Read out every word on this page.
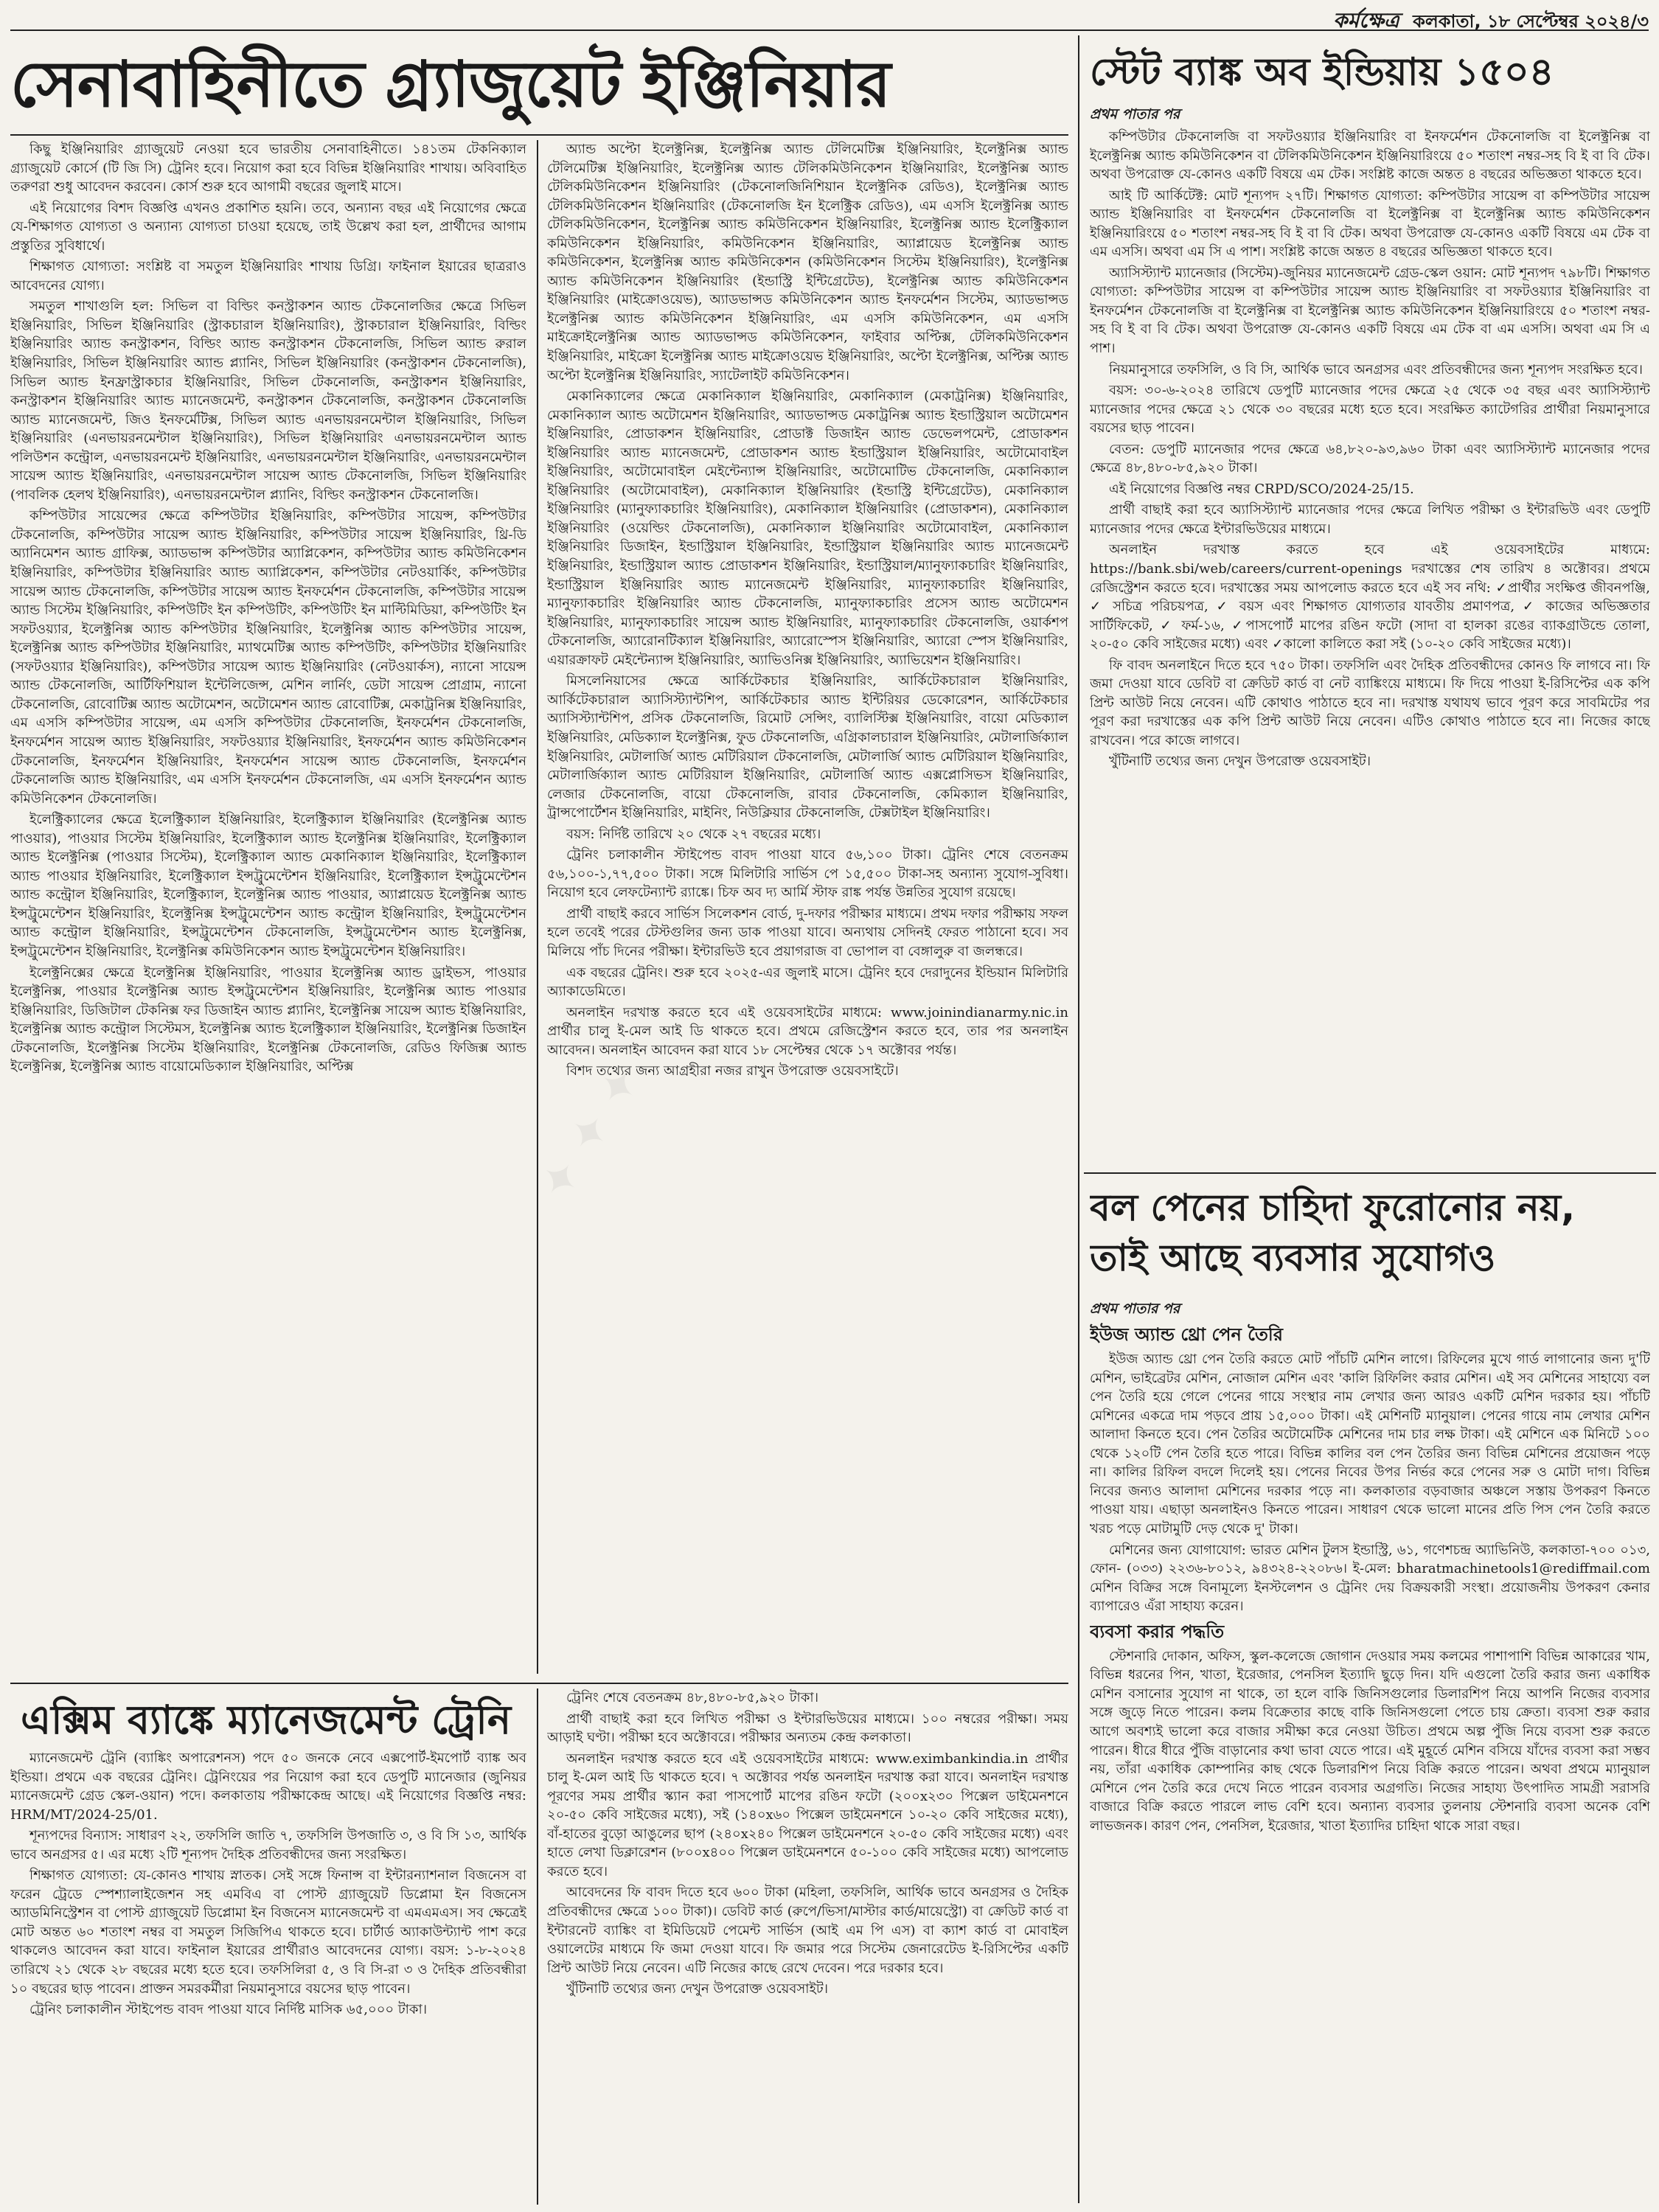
কর্মক্ষেত্র কলকাতা, ১৮ সেপ্টেম্বর ২০২৪/৩
সেনাবাহিনীতে গ্র্যাজুয়েট ইঞ্জিনিয়ার

কিছু ইঞ্জিনিয়ারিং গ্র্যাজুয়েট নেওয়া হবে ভারতীয় সেনাবাহিনীতে। ১৪১তম টেকনিক্যাল গ্র্যাজুয়েট কোর্সে (টি জি সি) ট্রেনিং হবে। নিয়োগ করা হবে বিভিন্ন ইঞ্জিনিয়ারিং শাখায়। অবিবাহিত তরুণরা শুধু আবেদন করবেন। কোর্স শুরু হবে আগামী বছরের জুলাই মাসে।

এই নিয়োগের বিশদ বিজ্ঞপ্তি এখনও প্রকাশিত হয়নি। তবে, অন্যান্য বছর এই নিয়োগের ক্ষেত্রে যে-শিক্ষাগত যোগ্যতা ও অন্যান্য যোগ্যতা চাওয়া হয়েছে, তাই উল্লেখ করা হল, প্রার্থীদের আগাম প্রস্তুতির সুবিধার্থে।

শিক্ষাগত যোগ্যতা: সংশ্লিষ্ট বা সমতুল ইঞ্জিনিয়ারিং শাখায় ডিগ্রি। ফাইনাল ইয়ারের ছাত্ররাও আবেদনের যোগ্য।

সমতুল শাখাগুলি হল: সিভিল বা বিল্ডিং কনস্ট্রাকশন অ্যান্ড টেকনোলজির ক্ষেত্রে সিভিল ইঞ্জিনিয়ারিং, সিভিল ইঞ্জিনিয়ারিং (স্ট্রাকচারাল ইঞ্জিনিয়ারিং), স্ট্রাকচারাল ইঞ্জিনিয়ারিং, বিল্ডিং ইঞ্জিনিয়ারিং অ্যান্ড কনস্ট্রাকশন, বিল্ডিং অ্যান্ড কনস্ট্রাকশন টেকনোলজি, সিভিল অ্যান্ড রুরাল ইঞ্জিনিয়ারিং, সিভিল ইঞ্জিনিয়ারিং অ্যান্ড প্ল্যানিং, সিভিল ইঞ্জিনিয়ারিং (কনস্ট্রাকশন টেকনোলজি), সিভিল অ্যান্ড ইনফ্রাস্ট্রাকচার ইঞ্জিনিয়ারিং, সিভিল টেকনোলজি, কনস্ট্রাকশন ইঞ্জিনিয়ারিং, কনস্ট্রাকশন ইঞ্জিনিয়ারিং অ্যান্ড ম্যানেজমেন্ট, কনস্ট্রাকশন টেকনোলজি, কনস্ট্রাকশন টেকনোলজি অ্যান্ড ম্যানেজমেন্ট, জিও ইনফর্মেটিক্স, সিভিল অ্যান্ড এনভায়রনমেন্টাল ইঞ্জিনিয়ারিং, সিভিল ইঞ্জিনিয়ারিং (এনভায়রনমেন্টাল ইঞ্জিনিয়ারিং), সিভিল ইঞ্জিনিয়ারিং এনভায়রনমেন্টাল অ্যান্ড পলিউশন কন্ট্রোল, এনভায়রনমেন্ট ইঞ্জিনিয়ারিং, এনভায়রনমেন্টাল ইঞ্জিনিয়ারিং, এনভায়রনমেন্টাল সায়েন্স অ্যান্ড ইঞ্জিনিয়ারিং, এনভায়রনমেন্টাল সায়েন্স অ্যান্ড টেকনোলজি, সিভিল ইঞ্জিনিয়ারিং (পাবলিক হেলথ ইঞ্জিনিয়ারিং), এনভায়রনমেন্টাল প্ল্যানিং, বিল্ডিং কনস্ট্রাকশন টেকনোলজি।

কম্পিউটার সায়েন্সের ক্ষেত্রে কম্পিউটার ইঞ্জিনিয়ারিং, কম্পিউটার সায়েন্স, কম্পিউটার টেকনোলজি, কম্পিউটার সায়েন্স অ্যান্ড ইঞ্জিনিয়ারিং, কম্পিউটার সায়েন্স ইঞ্জিনিয়ারিং, থ্রি-ডি অ্যানিমেশন অ্যান্ড গ্রাফিক্স, অ্যাডভান্স কম্পিউটার অ্যাপ্লিকেশন, কম্পিউটার অ্যান্ড কমিউনিকেশন ইঞ্জিনিয়ারিং, কম্পিউটার ইঞ্জিনিয়ারিং অ্যান্ড অ্যাপ্লিকেশন, কম্পিউটার নেটওয়ার্কিং, কম্পিউটার সায়েন্স অ্যান্ড টেকনোলজি, কম্পিউটার সায়েন্স অ্যান্ড ইনফর্মেশন টেকনোলজি, কম্পিউটার সায়েন্স অ্যান্ড সিস্টেম ইঞ্জিনিয়ারিং, কম্পিউটিং ইন কম্পিউটিং, কম্পিউটিং ইন মাল্টিমিডিয়া, কম্পিউটিং ইন সফটওয়্যার, ইলেক্ট্রনিক্স অ্যান্ড কম্পিউটার ইঞ্জিনিয়ারিং, ইলেক্ট্রনিক্স অ্যান্ড কম্পিউটার সায়েন্স, ইলেক্ট্রনিক্স অ্যান্ড কম্পিউটার ইঞ্জিনিয়ারিং, ম্যাথমেটিক্স অ্যান্ড কম্পিউটিং, কম্পিউটার ইঞ্জিনিয়ারিং (সফটওয়্যার ইঞ্জিনিয়ারিং), কম্পিউটার সায়েন্স অ্যান্ড ইঞ্জিনিয়ারিং (নেটওয়ার্কস), ন্যানো সায়েন্স অ্যান্ড টেকনোলজি, আর্টিফিশিয়াল ইন্টেলিজেন্স, মেশিন লার্নিং, ডেটা সায়েন্স প্রোগ্রাম, ন্যানো টেকনোলজি, রোবোটিক্স অ্যান্ড অটোমেশন, অটোমেশন অ্যান্ড রোবোটিক্স, মেকাট্রনিক্স ইঞ্জিনিয়ারিং, এম এসসি কম্পিউটার সায়েন্স, এম এসসি কম্পিউটার টেকনোলজি, ইনফর্মেশন টেকনোলজি, ইনফর্মেশন সায়েন্স অ্যান্ড ইঞ্জিনিয়ারিং, সফটওয়্যার ইঞ্জিনিয়ারিং, ইনফর্মেশন অ্যান্ড কমিউনিকেশন টেকনোলজি, ইনফর্মেশন ইঞ্জিনিয়ারিং, ইনফর্মেশন সায়েন্স অ্যান্ড টেকনোলজি, ইনফর্মেশন টেকনোলজি অ্যান্ড ইঞ্জিনিয়ারিং, এম এসসি ইনফর্মেশন টেকনোলজি, এম এসসি ইনফর্মেশন অ্যান্ড কমিউনিকেশন টেকনোলজি।

ইলেক্ট্রিক্যালের ক্ষেত্রে ইলেক্ট্রিক্যাল ইঞ্জিনিয়ারিং, ইলেক্ট্রিক্যাল ইঞ্জিনিয়ারিং (ইলেক্ট্রনিক্স অ্যান্ড পাওয়ার), পাওয়ার সিস্টেম ইঞ্জিনিয়ারিং, ইলেক্ট্রিক্যাল অ্যান্ড ইলেক্ট্রনিক্স ইঞ্জিনিয়ারিং, ইলেক্ট্রিক্যাল অ্যান্ড ইলেক্ট্রনিক্স (পাওয়ার সিস্টেম), ইলেক্ট্রিক্যাল অ্যান্ড মেকানিক্যাল ইঞ্জিনিয়ারিং, ইলেক্ট্রিক্যাল অ্যান্ড পাওয়ার ইঞ্জিনিয়ারিং, ইলেক্ট্রিক্যাল ইন্সট্রুমেন্টেশন ইঞ্জিনিয়ারিং, ইলেক্ট্রিক্যাল ইন্সট্রুমেন্টেশন অ্যান্ড কন্ট্রোল ইঞ্জিনিয়ারিং, ইলেক্ট্রিক্যাল, ইলেক্ট্রনিক্স অ্যান্ড পাওয়ার, অ্যাপ্লায়েড ইলেক্ট্রনিক্স অ্যান্ড ইন্সট্রুমেন্টেশন ইঞ্জিনিয়ারিং, ইলেক্ট্রনিক্স ইন্সট্রুমেন্টেশন অ্যান্ড কন্ট্রোল ইঞ্জিনিয়ারিং, ইন্সট্রুমেন্টেশন অ্যান্ড কন্ট্রোল ইঞ্জিনিয়ারিং, ইন্সট্রুমেন্টেশন টেকনোলজি, ইন্সট্রুমেন্টেশন অ্যান্ড ইলেক্ট্রনিক্স, ইন্সট্রুমেন্টেশন ইঞ্জিনিয়ারিং, ইলেক্ট্রনিক্স কমিউনিকেশন অ্যান্ড ইন্সট্রুমেন্টেশন ইঞ্জিনিয়ারিং।

ইলেক্ট্রনিক্সের ক্ষেত্রে ইলেক্ট্রনিক্স ইঞ্জিনিয়ারিং, পাওয়ার ইলেক্ট্রনিক্স অ্যান্ড ড্রাইভস, পাওয়ার ইলেক্ট্রনিক্স, পাওয়ার ইলেক্ট্রনিক্স অ্যান্ড ইন্সট্রুমেন্টেশন ইঞ্জিনিয়ারিং, ইলেক্ট্রনিক্স অ্যান্ড পাওয়ার ইঞ্জিনিয়ারিং, ডিজিটাল টেকনিক্স ফর ডিজাইন অ্যান্ড প্ল্যানিং, ইলেক্ট্রনিক্স সায়েন্স অ্যান্ড ইঞ্জিনিয়ারিং, ইলেক্ট্রনিক্স অ্যান্ড কন্ট্রোল সিস্টেমস, ইলেক্ট্রনিক্স অ্যান্ড ইলেক্ট্রিক্যাল ইঞ্জিনিয়ারিং, ইলেক্ট্রনিক্স ডিজাইন টেকনোলজি, ইলেক্ট্রনিক্স সিস্টেম ইঞ্জিনিয়ারিং, ইলেক্ট্রনিক্স টেকনোলজি, রেডিও ফিজিক্স অ্যান্ড ইলেক্ট্রনিক্স, ইলেক্ট্রনিক্স অ্যান্ড বায়োমেডিক্যাল ইঞ্জিনিয়ারিং, অপ্টিক্স

অ্যান্ড অপ্টো ইলেক্ট্রনিক্স, ইলেক্ট্রনিক্স অ্যান্ড টেলিমেটিক্স ইঞ্জিনিয়ারিং, ইলেক্ট্রনিক্স অ্যান্ড টেলিমেটিক্স ইঞ্জিনিয়ারিং, ইলেক্ট্রনিক্স অ্যান্ড টেলিকমিউনিকেশন ইঞ্জিনিয়ারিং, ইলেক্ট্রনিক্স অ্যান্ড টেলিকমিউনিকেশন ইঞ্জিনিয়ারিং (টেকনোলজিনিশিয়ান ইলেক্ট্রনিক রেডিও), ইলেক্ট্রনিক্স অ্যান্ড টেলিকমিউনিকেশন ইঞ্জিনিয়ারিং (টেকনোলজি ইন ইলেক্ট্রিক রেডিও), এম এসসি ইলেক্ট্রনিক্স অ্যান্ড টেলিকমিউনিকেশন, ইলেক্ট্রনিক্স অ্যান্ড কমিউনিকেশন ইঞ্জিনিয়ারিং, ইলেক্ট্রনিক্স অ্যান্ড ইলেক্ট্রিক্যাল কমিউনিকেশন ইঞ্জিনিয়ারিং, কমিউনিকেশন ইঞ্জিনিয়ারিং, অ্যাপ্লায়েড ইলেক্ট্রনিক্স অ্যান্ড কমিউনিকেশন, ইলেক্ট্রনিক্স অ্যান্ড কমিউনিকেশন (কমিউনিকেশন সিস্টেম ইঞ্জিনিয়ারিং), ইলেক্ট্রনিক্স অ্যান্ড কমিউনিকেশন ইঞ্জিনিয়ারিং (ইন্ডাস্ট্রি ইন্টিগ্রেটেড), ইলেক্ট্রনিক্স অ্যান্ড কমিউনিকেশন ইঞ্জিনিয়ারিং (মাইক্রোওয়েভ), অ্যাডভান্সড কমিউনিকেশন অ্যান্ড ইনফর্মেশন সিস্টেম, অ্যাডভান্সড ইলেক্ট্রনিক্স অ্যান্ড কমিউনিকেশন ইঞ্জিনিয়ারিং, এম এসসি কমিউনিকেশন, এম এসসি মাইক্রোইলেক্ট্রনিক্স অ্যান্ড অ্যাডভান্সড কমিউনিকেশন, ফাইবার অপ্টিক্স, টেলিকমিউনিকেশন ইঞ্জিনিয়ারিং, মাইক্রো ইলেক্ট্রনিক্স অ্যান্ড মাইক্রোওয়েভ ইঞ্জিনিয়ারিং, অপ্টো ইলেক্ট্রনিক্স, অপ্টিক্স অ্যান্ড অপ্টো ইলেক্ট্রনিক্স ইঞ্জিনিয়ারিং, স্যাটেলাইট কমিউনিকেশন।

মেকানিক্যালের ক্ষেত্রে মেকানিক্যাল ইঞ্জিনিয়ারিং, মেকানিক্যাল (মেকাট্রনিক্স) ইঞ্জিনিয়ারিং, মেকানিক্যাল অ্যান্ড অটোমেশন ইঞ্জিনিয়ারিং, অ্যাডভান্সড মেকাট্রনিক্স অ্যান্ড ইন্ডাস্ট্রিয়াল অটোমেশন ইঞ্জিনিয়ারিং, প্রোডাকশন ইঞ্জিনিয়ারিং, প্রোডাক্ট ডিজাইন অ্যান্ড ডেভেলপমেন্ট, প্রোডাকশন ইঞ্জিনিয়ারিং অ্যান্ড ম্যানেজমেন্ট, প্রোডাকশন অ্যান্ড ইন্ডাস্ট্রিয়াল ইঞ্জিনিয়ারিং, অটোমোবাইল ইঞ্জিনিয়ারিং, অটোমোবাইল মেইন্টেন্যান্স ইঞ্জিনিয়ারিং, অটোমোটিভ টেকনোলজি, মেকানিক্যাল ইঞ্জিনিয়ারিং (অটোমোবাইল), মেকানিক্যাল ইঞ্জিনিয়ারিং (ইন্ডাস্ট্রি ইন্টিগ্রেটেড), মেকানিক্যাল ইঞ্জিনিয়ারিং (ম্যানুফ্যাকচারিং ইঞ্জিনিয়ারিং), মেকানিক্যাল ইঞ্জিনিয়ারিং (প্রোডাকশন), মেকানিক্যাল ইঞ্জিনিয়ারিং (ওয়েল্ডিং টেকনোলজি), মেকানিক্যাল ইঞ্জিনিয়ারিং অটোমোবাইল, মেকানিক্যাল ইঞ্জিনিয়ারিং ডিজাইন, ইন্ডাস্ট্রিয়াল ইঞ্জিনিয়ারিং, ইন্ডাস্ট্রিয়াল ইঞ্জিনিয়ারিং অ্যান্ড ম্যানেজমেন্ট ইঞ্জিনিয়ারিং, ইন্ডাস্ট্রিয়াল অ্যান্ড প্রোডাকশন ইঞ্জিনিয়ারিং, ইন্ডাস্ট্রিয়াল/ম্যানুফ্যাকচারিং ইঞ্জিনিয়ারিং, ইন্ডাস্ট্রিয়াল ইঞ্জিনিয়ারিং অ্যান্ড ম্যানেজমেন্ট ইঞ্জিনিয়ারিং, ম্যানুফ্যাকচারিং ইঞ্জিনিয়ারিং, ম্যানুফ্যাকচারিং ইঞ্জিনিয়ারিং অ্যান্ড টেকনোলজি, ম্যানুফ্যাকচারিং প্রসেস অ্যান্ড অটোমেশন ইঞ্জিনিয়ারিং, ম্যানুফ্যাকচারিং সায়েন্স অ্যান্ড ইঞ্জিনিয়ারিং, ম্যানুফ্যাকচারিং টেকনোলজি, ওয়ার্কশপ টেকনোলজি, অ্যারোনটিক্যাল ইঞ্জিনিয়ারিং, অ্যারোস্পেস ইঞ্জিনিয়ারিং, অ্যারো স্পেস ইঞ্জিনিয়ারিং, এয়ারক্রাফট মেইন্টেন্যান্স ইঞ্জিনিয়ারিং, অ্যাভিওনিক্স ইঞ্জিনিয়ারিং, অ্যাভিয়েশন ইঞ্জিনিয়ারিং।

মিসলেনিয়াসের ক্ষেত্রে আর্কিটেকচার ইঞ্জিনিয়ারিং, আর্কিটেকচারাল ইঞ্জিনিয়ারিং, আর্কিটেকচারাল অ্যাসিস্ট্যান্টশিপ, আর্কিটেকচার অ্যান্ড ইন্টিরিয়র ডেকোরেশন, আর্কিটেকচার অ্যাসিস্ট্যান্টশিপ, প্রসিক টেকনোলজি, রিমোট সেন্সিং, ব্যালিস্টিক্স ইঞ্জিনিয়ারিং, বায়ো মেডিক্যাল ইঞ্জিনিয়ারিং, মেডিক্যাল ইলেক্ট্রনিক্স, ফুড টেকনোলজি, এগ্রিকালচারাল ইঞ্জিনিয়ারিং, মেটালার্জিক্যাল ইঞ্জিনিয়ারিং, মেটালার্জি অ্যান্ড মেটিরিয়াল টেকনোলজি, মেটালার্জি অ্যান্ড মেটিরিয়াল ইঞ্জিনিয়ারিং, মেটালার্জিক্যাল অ্যান্ড মেটিরিয়াল ইঞ্জিনিয়ারিং, মেটালার্জি অ্যান্ড এক্সপ্লোসিভস ইঞ্জিনিয়ারিং, লেজার টেকনোলজি, বায়ো টেকনোলজি, রাবার টেকনোলজি, কেমিক্যাল ইঞ্জিনিয়ারিং, ট্রান্সপোর্টেশন ইঞ্জিনিয়ারিং, মাইনিং, নিউক্লিয়ার টেকনোলজি, টেক্সটাইল ইঞ্জিনিয়ারিং।

বয়স: নির্দিষ্ট তারিখে ২০ থেকে ২৭ বছরের মধ্যে।

ট্রেনিং চলাকালীন স্টাইপেন্ড বাবদ পাওয়া যাবে ৫৬,১০০ টাকা। ট্রেনিং শেষে বেতনক্রম ৫৬,১০০-১,৭৭,৫০০ টাকা। সঙ্গে মিলিটারি সার্ভিস পে ১৫,৫০০ টাকা-সহ অন্যান্য সুযোগ-সুবিধা। নিয়োগ হবে লেফটেন্যান্ট র‍্যাঙ্কে। চিফ অব দ্য আর্মি স্টাফ রাঙ্ক পর্যন্ত উন্নতির সুযোগ রয়েছে।

প্রার্থী বাছাই করবে সার্ভিস সিলেকশন বোর্ড, দু-দফার পরীক্ষার মাধ্যমে। প্রথম দফার পরীক্ষায় সফল হলে তবেই পরের টেস্টগুলির জন্য ডাক পাওয়া যাবে। অন্যথায় সেদিনই ফেরত পাঠানো হবে। সব মিলিয়ে পাঁচ দিনের পরীক্ষা। ইন্টারভিউ হবে প্রয়াগরাজ বা ভোপাল বা বেঙ্গালুরু বা জলন্ধরে।

এক বছরের ট্রেনিং। শুরু হবে ২০২৫-এর জুলাই মাসে। ট্রেনিং হবে দেরাদুনের ইন্ডিয়ান মিলিটারি অ্যাকাডেমিতে।

অনলাইন দরখাস্ত করতে হবে এই ওয়েবসাইটের মাধ্যমে: www.joinindianarmy.nic.in প্রার্থীর চালু ই-মেল আই ডি থাকতে হবে। প্রথমে রেজিস্ট্রেশন করতে হবে, তার পর অনলাইন আবেদন। অনলাইন আবেদন করা যাবে ১৮ সেপ্টেম্বর থেকে ১৭ অক্টোবর পর্যন্ত।

বিশদ তথ্যের জন্য আগ্রহীরা নজর রাখুন উপরোক্ত ওয়েবসাইটে।

স্টেট ব্যাঙ্ক অব ইন্ডিয়ায় ১৫০৪
প্রথম পাতার পর

কম্পিউটার টেকনোলজি বা সফটওয়্যার ইঞ্জিনিয়ারিং বা ইনফর্মেশন টেকনোলজি বা ইলেক্ট্রনিক্স বা ইলেক্ট্রনিক্স অ্যান্ড কমিউনিকেশন বা টেলিকমিউনিকেশন ইঞ্জিনিয়ারিংয়ে ৫০ শতাংশ নম্বর-সহ বি ই বা বি টেক। অথবা উপরোক্ত যে-কোনও একটি বিষয়ে এম টেক। সংশ্লিষ্ট কাজে অন্তত ৪ বছরের অভিজ্ঞতা থাকতে হবে।

আই টি আর্কিটেক্ট: মোট শূন্যপদ ২৭টি। শিক্ষাগত যোগ্যতা: কম্পিউটার সায়েন্স বা কম্পিউটার সায়েন্স অ্যান্ড ইঞ্জিনিয়ারিং বা ইনফর্মেশন টেকনোলজি বা ইলেক্ট্রনিক্স বা ইলেক্ট্রনিক্স অ্যান্ড কমিউনিকেশন ইঞ্জিনিয়ারিংয়ে ৫০ শতাংশ নম্বর-সহ বি ই বা বি টেক। অথবা উপরোক্ত যে-কোনও একটি বিষয়ে এম টেক বা এম এসসি। অথবা এম সি এ পাশ। সংশ্লিষ্ট কাজে অন্তত ৪ বছরের অভিজ্ঞতা থাকতে হবে।

অ্যাসিস্ট্যান্ট ম্যানেজার (সিস্টেম)-জুনিয়র ম্যানেজমেন্ট গ্রেড-স্কেল ওয়ান: মোট শূন্যপদ ৭৯৮টি। শিক্ষাগত যোগ্যতা: কম্পিউটার সায়েন্স বা কম্পিউটার সায়েন্স অ্যান্ড ইঞ্জিনিয়ারিং বা সফটওয়্যার ইঞ্জিনিয়ারিং বা ইনফর্মেশন টেকনোলজি বা ইলেক্ট্রনিক্স বা ইলেক্ট্রনিক্স অ্যান্ড কমিউনিকেশন ইঞ্জিনিয়ারিংয়ে ৫০ শতাংশ নম্বর-সহ বি ই বা বি টেক। অথবা উপরোক্ত যে-কোনও একটি বিষয়ে এম টেক বা এম এসসি। অথবা এম সি এ পাশ।

নিয়মানুসারে তফসিলি, ও বি সি, আর্থিক ভাবে অনগ্রসর এবং প্রতিবন্ধীদের জন্য শূন্যপদ সংরক্ষিত হবে।

বয়স: ৩০-৬-২০২৪ তারিখে ডেপুটি ম্যানেজার পদের ক্ষেত্রে ২৫ থেকে ৩৫ বছর এবং অ্যাসিস্ট্যান্ট ম্যানেজার পদের ক্ষেত্রে ২১ থেকে ৩০ বছরের মধ্যে হতে হবে। সংরক্ষিত ক্যাটেগরির প্রার্থীরা নিয়মানুসারে বয়সের ছাড় পাবেন।

বেতন: ডেপুটি ম্যানেজার পদের ক্ষেত্রে ৬৪,৮২০-৯৩,৯৬০ টাকা এবং অ্যাসিস্ট্যান্ট ম্যানেজার পদের ক্ষেত্রে ৪৮,৪৮০-৮৫,৯২০ টাকা।

এই নিয়োগের বিজ্ঞপ্তি নম্বর CRPD/SCO/2024-25/15.

প্রার্থী বাছাই করা হবে অ্যাসিস্ট্যান্ট ম্যানেজার পদের ক্ষেত্রে লিখিত পরীক্ষা ও ইন্টারভিউ এবং ডেপুটি ম্যানেজার পদের ক্ষেত্রে ইন্টারভিউয়ের মাধ্যমে।

অনলাইন দরখাস্ত করতে হবে এই ওয়েবসাইটের মাধ্যমে: https://bank.sbi/web/careers/current-openings দরখাস্তের শেষ তারিখ ৪ অক্টোবর। প্রথমে রেজিস্ট্রেশন করতে হবে। দরখাস্তের সময় আপলোড করতে হবে এই সব নথি: ✓প্রার্থীর সংক্ষিপ্ত জীবনপঞ্জি, ✓ সচিত্র পরিচয়পত্র, ✓ বয়স এবং শিক্ষাগত যোগ্যতার যাবতীয় প্রমাণপত্র, ✓ কাজের অভিজ্ঞতার সার্টিফিকেট, ✓ ফর্ম-১৬, ✓পাসপোর্ট মাপের রঙিন ফটো (সাদা বা হালকা রঙের ব্যাকগ্রাউন্ডে তোলা, ২০-৫০ কেবি সাইজের মধ্যে) এবং ✓কালো কালিতে করা সই (১০-২০ কেবি সাইজের মধ্যে)।

ফি বাবদ অনলাইনে দিতে হবে ৭৫০ টাকা। তফসিলি এবং দৈহিক প্রতিবন্ধীদের কোনও ফি লাগবে না। ফি জমা দেওয়া যাবে ডেবিট বা ক্রেডিট কার্ড বা নেট ব্যাঙ্কিংয়ে মাধ্যমে। ফি দিয়ে পাওয়া ই-রিসিপ্টের এক কপি প্রিন্ট আউট নিয়ে নেবেন। এটি কোথাও পাঠাতে হবে না। দরখাস্ত যথাযথ ভাবে পূরণ করে সাবমিটের পর পূরণ করা দরখাস্তের এক কপি প্রিন্ট আউট নিয়ে নেবেন। এটিও কোথাও পাঠাতে হবে না। নিজের কাছে রাখবেন। পরে কাজে লাগবে।

খুঁটিনাটি তথ্যের জন্য দেখুন উপরোক্ত ওয়েবসাইট।

বল পেনের চাহিদা ফুরোনোর নয়,
তাই আছে ব্যবসার সুযোগও
প্রথম পাতার পর
ইউজ অ্যান্ড থ্রো পেন তৈরি

ইউজ অ্যান্ড থ্রো পেন তৈরি করতে মোট পাঁচটি মেশিন লাগে। রিফিলের মুখে গার্ড লাগানোর জন্য দু'টি মেশিন, ভাইব্রেটর মেশিন, নোজাল মেশিন এবং 'কালি রিফিলিং করার মেশিন। এই সব মেশিনের সাহায্যে বল পেন তৈরি হয়ে গেলে পেনের গায়ে সংস্থার নাম লেখার জন্য আরও একটি মেশিন দরকার হয়। পাঁচটি মেশিনের একত্রে দাম পড়বে প্রায় ১৫,০০০ টাকা। এই মেশিনটি ম্যানুয়াল। পেনের গায়ে নাম লেখার মেশিন আলাদা কিনতে হবে। পেন তৈরির অটোমেটিক মেশিনের দাম চার লক্ষ টাকা। এই মেশিনে এক মিনিটে ১০০ থেকে ১২০টি পেন তৈরি হতে পারে। বিভিন্ন কালির বল পেন তৈরির জন্য বিভিন্ন মেশিনের প্রয়োজন পড়ে না। কালির রিফিল বদলে দিলেই হয়। পেনের নিবের উপর নির্ভর করে পেনের সরু ও মোটা দাগ। বিভিন্ন নিবের জন্যও আলাদা মেশিনের দরকার পড়ে না। কলকাতার বড়বাজার অঞ্চলে সস্তায় উপকরণ কিনতে পাওয়া যায়। এছাড়া অনলাইনও কিনতে পারেন। সাধারণ থেকে ভালো মানের প্রতি পিস পেন তৈরি করতে খরচ পড়ে মোটামুটি দেড় থেকে দু' টাকা।

মেশিনের জন্য যোগাযোগ: ভারত মেশিন টুলস ইন্ডাস্ট্রি, ৬১, গণেশচন্দ্র অ্যাভিনিউ, কলকাতা-৭০০ ০১৩, ফোন- (০৩৩) ২২৩৬-৮০১২, ৯৪৩২৪-২২০৮৬। ই-মেল: bharatmachinetools1@rediffmail.com মেশিন বিক্রির সঙ্গে বিনামূল্যে ইনস্টলেশন ও ট্রেনিং দেয় বিক্রয়কারী সংস্থা। প্রয়োজনীয় উপকরণ কেনার ব্যাপারেও এঁরা সাহায্য করেন।

ব্যবসা করার পদ্ধতি

স্টেশনারি দোকান, অফিস, স্কুল-কলেজে জোগান দেওয়ার সময় কলমের পাশাপাশি বিভিন্ন আকারের খাম, বিভিন্ন ধরনের পিন, খাতা, ইরেজার, পেনসিল ইত্যাদি ছুড়ে দিন। যদি এগুলো তৈরি করার জন্য একাধিক মেশিন বসানোর সুযোগ না থাকে, তা হলে বাকি জিনিসগুলোর ডিলারশিপ নিয়ে আপনি নিজের ব্যবসার সঙ্গে জুড়ে নিতে পারেন। কলম বিক্রেতার কাছে বাকি জিনিসগুলো পেতে চায় ক্রেতা। ব্যবসা শুরু করার আগে অবশ্যই ভালো করে বাজার সমীক্ষা করে নেওয়া উচিত। প্রথমে অল্প পুঁজি নিয়ে ব্যবসা শুরু করতে পারেন। ধীরে ধীরে পুঁজি বাড়ানোর কথা ভাবা যেতে পারে। এই মুহূর্তে মেশিন বসিয়ে যাঁদের ব্যবসা করা সম্ভব নয়, তাঁরা একাধিক কোম্পানির কাছ থেকে ডিলারশিপ নিয়ে বিক্রি করতে পারেন। অথবা প্রথমে ম্যানুয়াল মেশিনে পেন তৈরি করে দেখে নিতে পারেন ব্যবসার অগ্রগতি। নিজের সাহায্য উৎপাদিত সামগ্রী সরাসরি বাজারে বিক্রি করতে পারলে লাভ বেশি হবে। অন্যান্য ব্যবসার তুলনায় স্টেশনারি ব্যবসা অনেক বেশি লাভজনক। কারণ পেন, পেনসিল, ইরেজার, খাতা ইত্যাদির চাহিদা থাকে সারা বছর।

এক্সিম ব্যাঙ্কে ম্যানেজমেন্ট ট্রেনি

ম্যানেজমেন্ট ট্রেনি (ব্যাঙ্কিং অপারেশনস) পদে ৫০ জনকে নেবে এক্সপোর্ট-ইমপোর্ট ব্যাঙ্ক অব ইন্ডিয়া। প্রথমে এক বছরের ট্রেনিং। ট্রেনিংয়ের পর নিয়োগ করা হবে ডেপুটি ম্যানেজার (জুনিয়র ম্যানেজমেন্ট গ্রেড স্কেল-ওয়ান) পদে। কলকাতায় পরীক্ষাকেন্দ্র আছে। এই নিয়োগের বিজ্ঞপ্তি নম্বর: HRM/MT/2024-25/01.

শূন্যপদের বিন্যাস: সাধারণ ২২, তফসিলি জাতি ৭, তফসিলি উপজাতি ৩, ও বি সি ১৩, আর্থিক ভাবে অনগ্রসর ৫। এর মধ্যে ২টি শূন্যপদ দৈহিক প্রতিবন্ধীদের জন্য সংরক্ষিত।

শিক্ষাগত যোগ্যতা: যে-কোনও শাখায় স্নাতক। সেই সঙ্গে ফিনান্স বা ইন্টারন্যাশনাল বিজনেস বা ফরেন ট্রেডে স্পেশ্যালাইজেশন সহ এমবিএ বা পোস্ট গ্র্যাজুয়েট ডিপ্লোমা ইন বিজনেস অ্যাডমিনিস্ট্রেশন বা পোস্ট গ্র্যাজুয়েট ডিপ্লোমা ইন বিজনেস ম্যানেজমেন্ট বা এমএমএস। সব ক্ষেত্রেই মোট অন্তত ৬০ শতাংশ নম্বর বা সমতুল সিজিপিএ থাকতে হবে। চার্টার্ড অ্যাকাউন্ট্যান্ট পাশ করে থাকলেও আবেদন করা যাবে। ফাইনাল ইয়ারের প্রার্থীরাও আবেদনের যোগ্য। বয়স: ১-৮-২০২৪ তারিখে ২১ থেকে ২৮ বছরের মধ্যে হতে হবে। তফসিলিরা ৫, ও বি সি-রা ৩ ও দৈহিক প্রতিবন্ধীরা ১০ বছরের ছাড় পাবেন। প্রাক্তন সমরকর্মীরা নিয়মানুসারে বয়সের ছাড় পাবেন।

ট্রেনিং চলাকালীন স্টাইপেন্ড বাবদ পাওয়া যাবে নির্দিষ্ট মাসিক ৬৫,০০০ টাকা।

ট্রেনিং শেষে বেতনক্রম ৪৮,৪৮০-৮৫,৯২০ টাকা।

প্রার্থী বাছাই করা হবে লিখিত পরীক্ষা ও ইন্টারভিউয়ের মাধ্যমে। ১০০ নম্বরের পরীক্ষা। সময় আড়াই ঘণ্টা। পরীক্ষা হবে অক্টোবরে। পরীক্ষার অন্যতম কেন্দ্র কলকাতা।

অনলাইন দরখাস্ত করতে হবে এই ওয়েবসাইটের মাধ্যমে: www.eximbankindia.in প্রার্থীর চালু ই-মেল আই ডি থাকতে হবে। ৭ অক্টোবর পর্যন্ত অনলাইন দরখাস্ত করা যাবে। অনলাইন দরখাস্ত পূরণের সময় প্রার্থীর স্ক্যান করা পাসপোর্ট মাপের রঙিন ফটো (২০০x২৩০ পিক্সেল ডাইমেনশনে ২০-৫০ কেবি সাইজের মধ্যে), সই (১৪০x৬০ পিক্সেল ডাইমেনশনে ১০-২০ কেবি সাইজের মধ্যে), বাঁ-হাতের বুড়ো আঙুলের ছাপ (২৪০x২৪০ পিক্সেল ডাইমেনশনে ২০-৫০ কেবি সাইজের মধ্যে) এবং হাতে লেখা ডিক্লারেশন (৮০০x৪০০ পিক্সেল ডাইমেনশনে ৫০-১০০ কেবি সাইজের মধ্যে) আপলোড করতে হবে।

আবেদনের ফি বাবদ দিতে হবে ৬০০ টাকা (মহিলা, তফসিলি, আর্থিক ভাবে অনগ্রসর ও দৈহিক প্রতিবন্ধীদের ক্ষেত্রে ১০০ টাকা)। ডেবিট কার্ড (রুপে/ভিসা/মাস্টার কার্ড/মায়েস্ট্রো) বা ক্রেডিট কার্ড বা ইন্টারনেট ব্যাঙ্কিং বা ইমিডিয়েট পেমেন্ট সার্ভিস (আই এম পি এস) বা ক্যাশ কার্ড বা মোবাইল ওয়ালেটের মাধ্যমে ফি জমা দেওয়া যাবে। ফি জমার পরে সিস্টেম জেনারেটেড ই-রিসিপ্টের একটি প্রিন্ট আউট নিয়ে নেবেন। এটি নিজের কাছে রেখে দেবেন। পরে দরকার হবে।

খুঁটিনাটি তথ্যের জন্য দেখুন উপরোক্ত ওয়েবসাইট।

✦ ✦ ✦
